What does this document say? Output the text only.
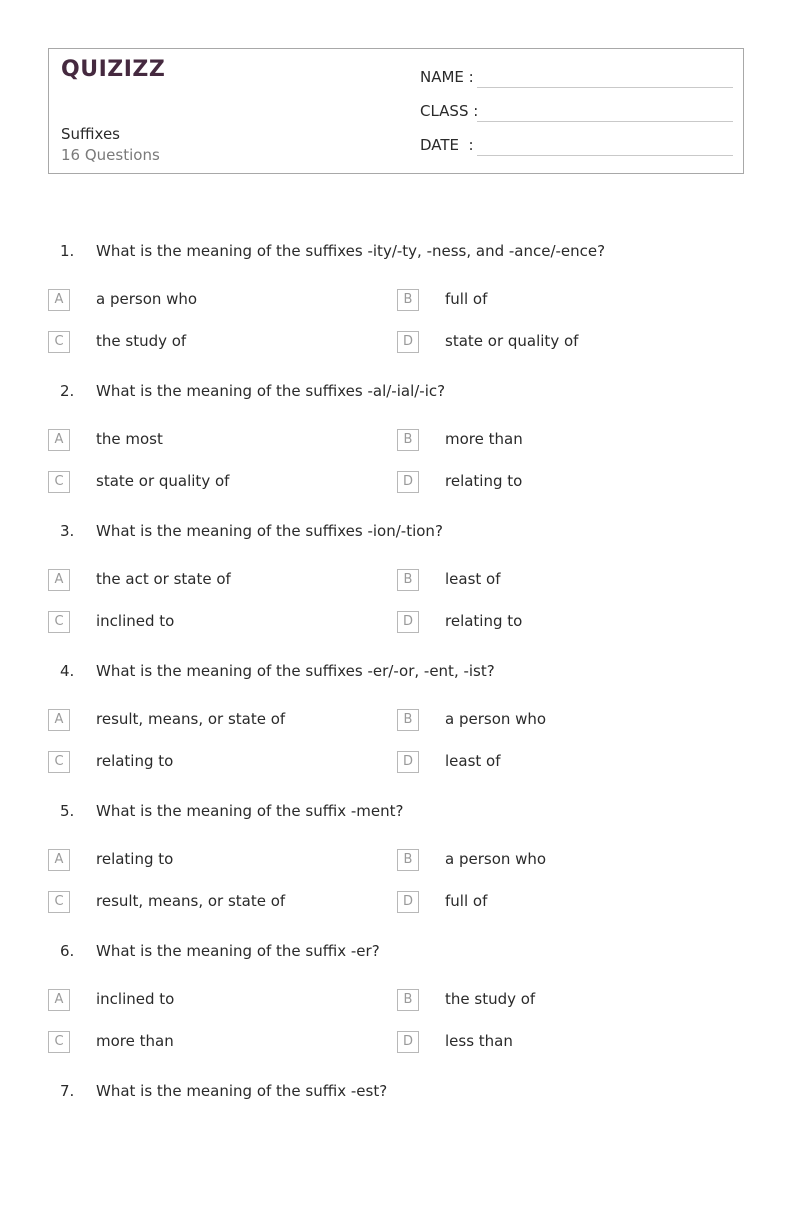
QUIZIZZ
Suffixes
16 Questions
NAME :
CLASS :
DATE  :
1. What is the meaning of the suffixes -ity/-ty, -ness, and -ance/-ence?
A	a person who	B	full of
C	the study of	D	state or quality of
2. What is the meaning of the suffixes -al/-ial/-ic?
A	the most	B	more than
C	state or quality of	D	relating to
3. What is the meaning of the suffixes -ion/-tion?
A	the act or state of	B	least of
C	inclined to	D	relating to
4. What is the meaning of the suffixes -er/-or, -ent, -ist?
A	result, means, or state of	B	a person who
C	relating to	D	least of
5. What is the meaning of the suffix -ment?
A	relating to	B	a person who
C	result, means, or state of	D	full of
6. What is the meaning of the suffix -er?
A	inclined to	B	the study of
C	more than	D	less than
7. What is the meaning of the suffix -est?
